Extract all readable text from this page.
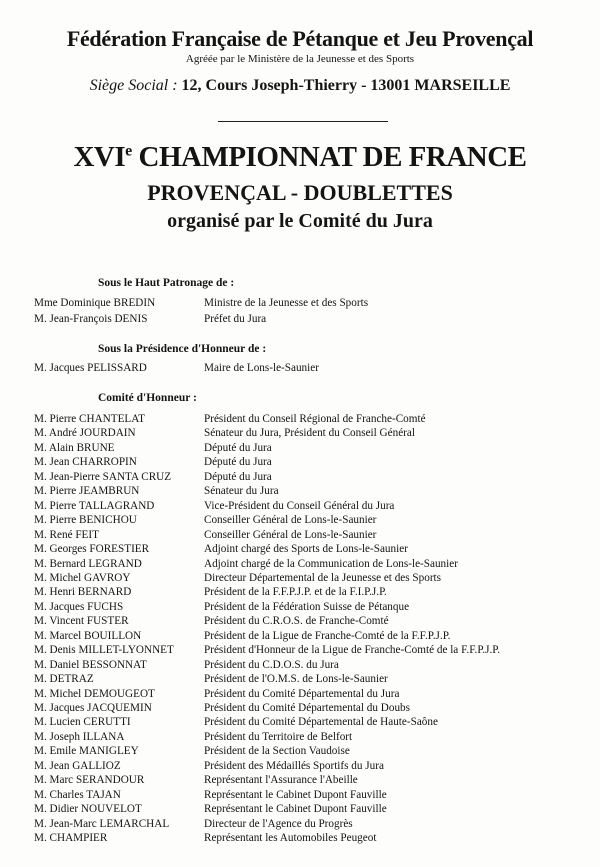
Fédération Française de Pétanque et Jeu Provençal
Agréée par le Ministère de la Jeunesse et des Sports
Siège Social : 12, Cours Joseph-Thierry - 13001 MARSEILLE
XVIe CHAMPIONNAT DE FRANCE
PROVENÇAL - DOUBLETTES
organisé par le Comité du Jura
Sous le Haut Patronage de :
Mme Dominique BREDIN	Ministre de la Jeunesse et des Sports
M. Jean-François DENIS	Préfet du Jura
Sous la Présidence d'Honneur de :
M. Jacques PELISSARD	Maire de Lons-le-Saunier
Comité d'Honneur :
M. Pierre CHANTELAT	Président du Conseil Régional de Franche-Comté
M. André JOURDAIN	Sénateur du Jura, Président du Conseil Général
M. Alain BRUNE	Député du Jura
M. Jean CHARROPIN	Député du Jura
M. Jean-Pierre SANTA CRUZ	Député du Jura
M. Pierre JEAMBRUN	Sénateur du Jura
M. Pierre TALLAGRAND	Vice-Président du Conseil Général du Jura
M. Pierre BENICHOU	Conseiller Général de Lons-le-Saunier
M. René FEIT	Conseiller Général de Lons-le-Saunier
M. Georges FORESTIER	Adjoint chargé des Sports de Lons-le-Saunier
M. Bernard LEGRAND	Adjoint chargé de la Communication de Lons-le-Saunier
M. Michel GAVROY	Directeur Départemental de la Jeunesse et des Sports
M. Henri BERNARD	Président de la F.F.P.J.P. et de la F.I.P.J.P.
M. Jacques FUCHS	Président de la Fédération Suisse de Pétanque
M. Vincent FUSTER	Président du C.R.O.S. de Franche-Comté
M. Marcel BOUILLON	Président de la Ligue de Franche-Comté de la F.F.P.J.P.
M. Denis MILLET-LYONNET	Président d'Honneur de la Ligue de Franche-Comté de la F.F.P.J.P.
M. Daniel BESSONNAT	Président du C.D.O.S. du Jura
M. DETRAZ	Président de l'O.M.S. de Lons-le-Saunier
M. Michel DEMOUGEOT	Président du Comité Départemental du Jura
M. Jacques JACQUEMIN	Président du Comité Départemental du Doubs
M. Lucien CERUTTI	Président du Comité Départemental de Haute-Saône
M. Joseph ILLANA	Président du Territoire de Belfort
M. Emile MANIGLEY	Président de la Section Vaudoise
M. Jean GALLIOZ	Président des Médaillés Sportifs du Jura
M. Marc SERANDOUR	Représentant l'Assurance l'Abeille
M. Charles TAJAN	Représentant le Cabinet Dupont Fauville
M. Didier NOUVELOT	Représentant le Cabinet Dupont Fauville
M. Jean-Marc LEMARCHAL	Directeur de l'Agence du Progrès
M. CHAMPIER	Représentant les Automobiles Peugeot
